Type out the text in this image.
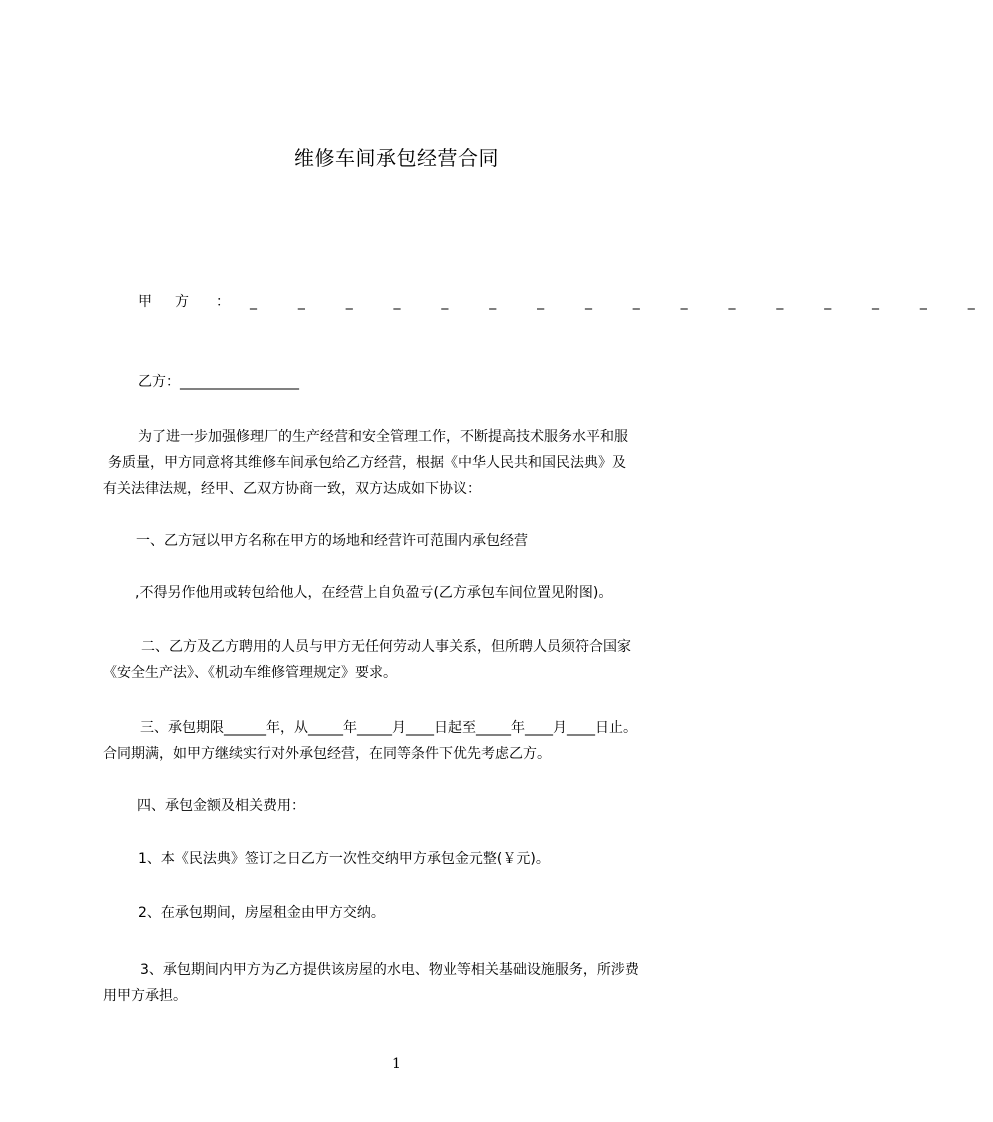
维修车间承包经营合同
甲 方 ： _ _ _ _ _ _ _ _ _ _ _ _ _ _ _ _
乙方：_________________
为了进一步加强修理厂的生产经营和安全管理工作，不断提高技术服务水平和服
务质量，甲方同意将其维修车间承包给乙方经营，根据《中华人民共和国民法典》及
有关法律法规，经甲、乙双方协商一致，双方达成如下协议：
一、乙方冠以甲方名称在甲方的场地和经营许可范围内承包经营
,不得另作他用或转包给他人，在经营上自负盈亏(乙方承包车间位置见附图)。
二、乙方及乙方聘用的人员与甲方无任何劳动人事关系，但所聘人员须符合国家
《安全生产法》、《机动车维修管理规定》要求。
三、承包期限______年，从_____年_____月____日起至_____年____月____日止。
合同期满，如甲方继续实行对外承包经营，在同等条件下优先考虑乙方。
四、承包金额及相关费用：
1、本《民法典》签订之日乙方一次性交纳甲方承包金元整(￥元)。
2、在承包期间，房屋租金由甲方交纳。
3、承包期间内甲方为乙方提供该房屋的水电、物业等相关基础设施服务，所涉费
用甲方承担。
1
